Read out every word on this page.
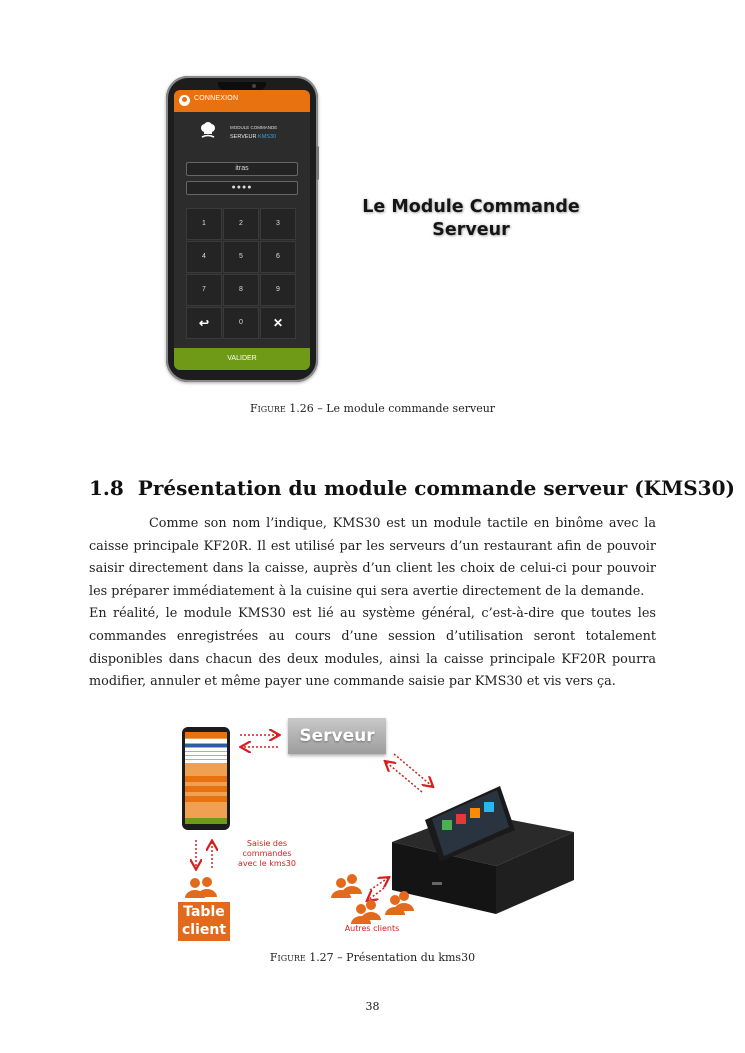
CONNEXION
MODULE COMMANDE
SERVEUR KMS30
itras
●●●●
1	2	3
4	5	6
7	8	9
↩	0	✕
VALIDER
Le Module Commande
Serveur
Figure 1.26 – Le module commande serveur
1.8 Présentation du module commande serveur (KMS30)

Comme son nom l’indique, KMS30 est un module tactile en binôme avec la caisse principale KF20R. Il est utilisé par les serveurs d’un restaurant afin de pouvoir saisir directement dans la caisse, auprès d’un client les choix de celui-ci pour pouvoir les préparer immédiatement à la cuisine qui sera avertie directement de la demande.

En réalité, le module KMS30 est lié au système général, c’est-à-dire que toutes les commandes enregistrées au cours d’une session d’utilisation seront totalement disponibles dans chacun des deux modules, ainsi la caisse principale KF20R pourra modifier, annuler et même payer une commande saisie par KMS30 et vis vers ça.

Serveur
Saisie des
commandes
avec le kms30
Table
client	Autres clients
Figure 1.27 – Présentation du kms30
38
